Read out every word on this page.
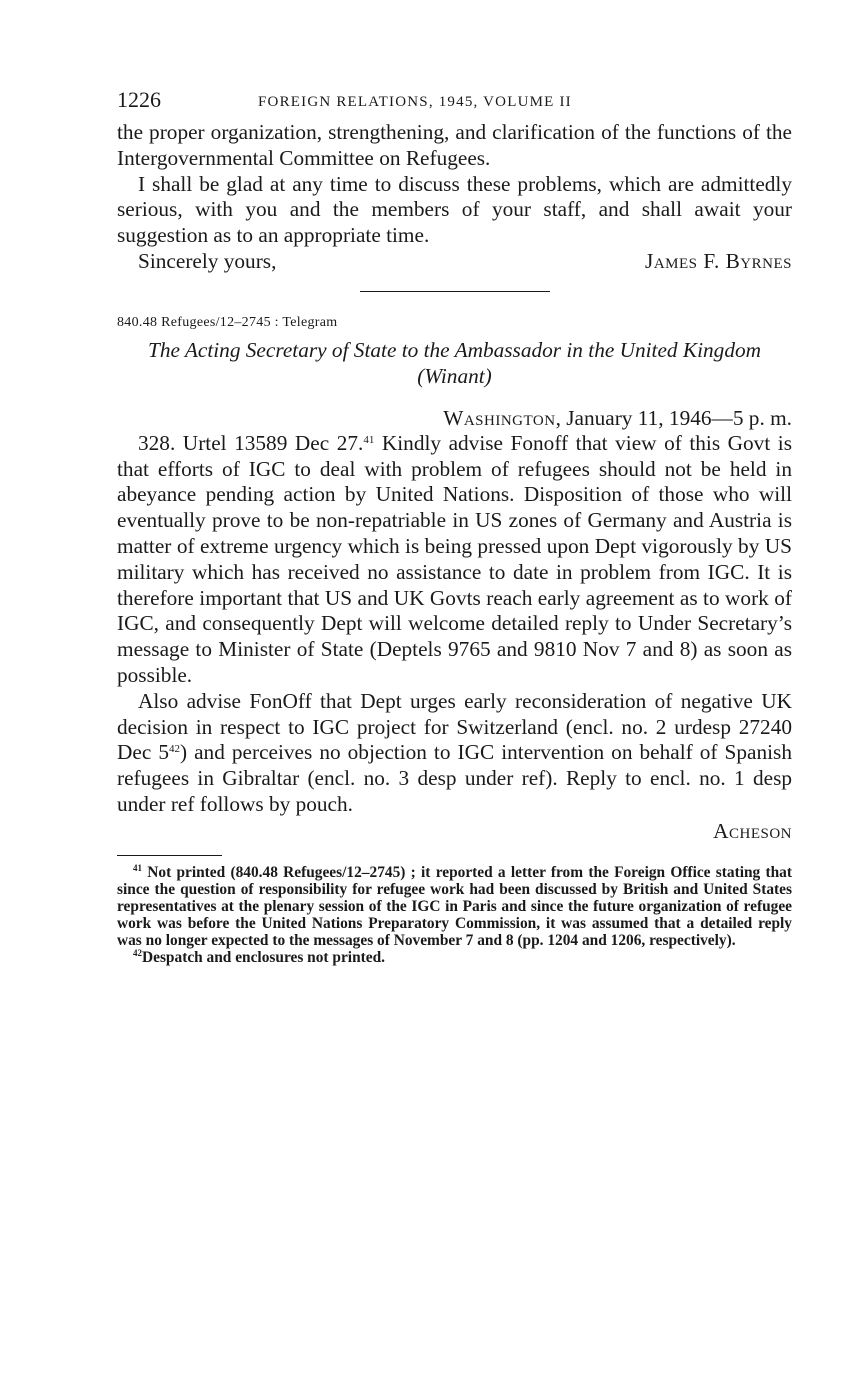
1226	FOREIGN RELATIONS, 1945, VOLUME II

the proper organization, strengthening, and clarification of the functions of the Intergovernmental Committee on Refugees.

I shall be glad at any time to discuss these problems, which are admittedly serious, with you and the members of your staff, and shall await your suggestion as to an appropriate time.

Sincerely yours,	James F. Byrnes
840.48 Refugees/12–2745 : Telegram
The Acting Secretary of State to the Ambassador in the United Kingdom (Winant)
Washington, January 11, 1946—5 p. m.

328. Urtel 13589 Dec 27.41 Kindly advise Fonoff that view of this Govt is that efforts of IGC to deal with problem of refugees should not be held in abeyance pending action by United Nations. Disposition of those who will eventually prove to be non-repatriable in US zones of Germany and Austria is matter of extreme urgency which is being pressed upon Dept vigorously by US military which has received no assistance to date in problem from IGC. It is therefore important that US and UK Govts reach early agreement as to work of IGC, and consequently Dept will welcome detailed reply to Under Secretary’s message to Minister of State (Deptels 9765 and 9810 Nov 7 and 8) as soon as possible.

Also advise FonOff that Dept urges early reconsideration of negative UK decision in respect to IGC project for Switzerland (encl. no. 2 urdesp 27240 Dec $5^{42}$) and perceives no objection to IGC intervention on behalf of Spanish refugees in Gibraltar (encl. no. 3 desp under ref). Reply to encl. no. 1 desp under ref follows by pouch.

Acheson

$^{41}$ Not printed (840.48 Refugees/12–2745) ; it reported a letter from the Foreign Office stating that since the question of responsibility for refugee work had been discussed by British and United States representatives at the plenary session of the IGC in Paris and since the future organization of refugee work was before the United Nations Preparatory Commission, it was assumed that a detailed reply was no longer expected to the messages of November 7 and 8 (pp. 1204 and 1206, respectively).

$^{42}$Despatch and enclosures not printed.
